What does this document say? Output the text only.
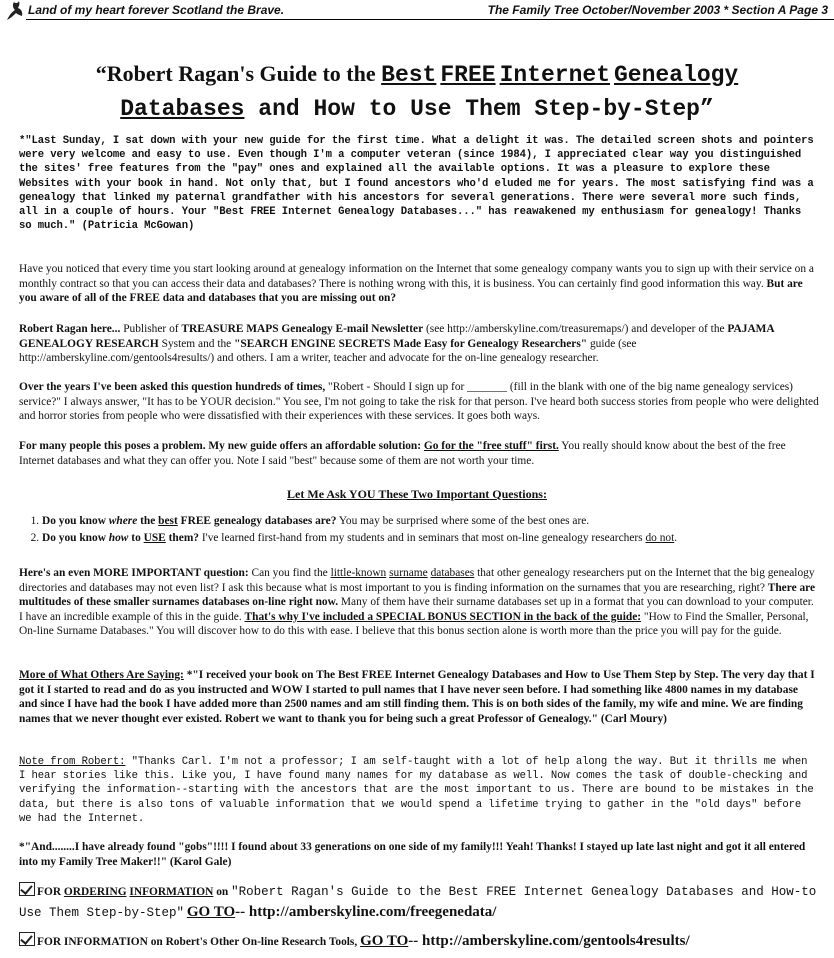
Land of my heart forever Scotland the Brave.	The Family Tree October/November 2003 * Section A Page 3
“Robert Ragan's Guide to the Best FREE Internet Genealogy
Databases and How to Use Them Step-by-Step”

*"Last Sunday, I sat down with your new guide for the first time. What a delight it was. The detailed screen shots and pointers were very welcome and easy to use. Even though I'm a computer veteran (since 1984), I appreciated clear way you distinguished the sites' free features from the "pay" ones and explained all the available options. It was a pleasure to explore these Websites with your book in hand. Not only that, but I found ancestors who'd eluded me for years. The most satisfying find was a genealogy that linked my paternal grandfather with his ancestors for several generations. There were several more such finds, all in a couple of hours. Your "Best FREE Internet Genealogy Databases..." has reawakened my enthusiasm for genealogy! Thanks so much." (Patricia McGowan)

Have you noticed that every time you start looking around at genealogy information on the Internet that some genealogy company wants you to sign up with their service on a monthly contract so that you can access their data and databases? There is nothing wrong with this, it is business. You can certainly find good information this way. But are you aware of all of the FREE data and databases that you are missing out on?

Robert Ragan here... Publisher of TREASURE MAPS Genealogy E-mail Newsletter (see http://amberskyline.com/treasuremaps/) and developer of the PAJAMA GENEALOGY RESEARCH System and the "SEARCH ENGINE SECRETS Made Easy for Genealogy Researchers" guide (see http://amberskyline.com/gentools4results/) and others. I am a writer, teacher and advocate for the on-line genealogy researcher.

Over the years I've been asked this question hundreds of times, "Robert - Should I sign up for _______ (fill in the blank with one of the big name genealogy services) service?" I always answer, "It has to be YOUR decision." You see, I'm not going to take the risk for that person. I've heard both success stories from people who were delighted and horror stories from people who were dissatisfied with their experiences with these services. It goes both ways.

For many people this poses a problem. My new guide offers an affordable solution: Go for the "free stuff" first. You really should know about the best of the free Internet databases and what they can offer you. Note I said "best" because some of them are not worth your time.

Let Me Ask YOU These Two Important Questions:
1. Do you know where the best FREE genealogy databases are? You may be surprised where some of the best ones are.
2. Do you know how to USE them? I've learned first-hand from my students and in seminars that most on-line genealogy researchers do not.

Here's an even MORE IMPORTANT question: Can you find the little-known surname databases that other genealogy researchers put on the Internet that the big genealogy directories and databases may not even list? I ask this because what is most important to you is finding information on the surnames that you are researching, right? There are multitudes of these smaller surnames databases on-line right now. Many of them have their surname databases set up in a format that you can download to your computer. I have an incredible example of this in the guide. That's why I've included a SPECIAL BONUS SECTION in the back of the guide: "How to Find the Smaller, Personal, On-line Surname Databases." You will discover how to do this with ease. I believe that this bonus section alone is worth more than the price you will pay for the guide.

More of What Others Are Saying: *"I received your book on The Best FREE Internet Genealogy Databases and How to Use Them Step by Step. The very day that I got it I started to read and do as you instructed and WOW I started to pull names that I have never seen before. I had something like 4800 names in my database and since I have had the book I have added more than 2500 names and am still finding them. This is on both sides of the family, my wife and mine. We are finding names that we never thought ever existed. Robert we want to thank you for being such a great Professor of Genealogy." (Carl Moury)

Note from Robert: "Thanks Carl. I'm not a professor; I am self-taught with a lot of help along the way. But it thrills me when I hear stories like this. Like you, I have found many names for my database as well. Now comes the task of double-checking and verifying the information--starting with the ancestors that are the most important to us. There are bound to be mistakes in the data, but there is also tons of valuable information that we would spend a lifetime trying to gather in the "old days" before we had the Internet.

*"And........I have already found "gobs"!!!! I found about 33 generations on one side of my family!!! Yeah! Thanks! I stayed up late last night and got it all entered into my Family Tree Maker!!" (Karol Gale)

FOR ORDERING INFORMATION on "Robert Ragan's Guide to the Best FREE Internet Genealogy Databases and How-to Use Them Step-by-Step" GO TO-- http://amberskyline.com/freegenedata/
FOR INFORMATION on Robert's Other On-line Research Tools, GO TO-- http://amberskyline.com/gentools4results/
